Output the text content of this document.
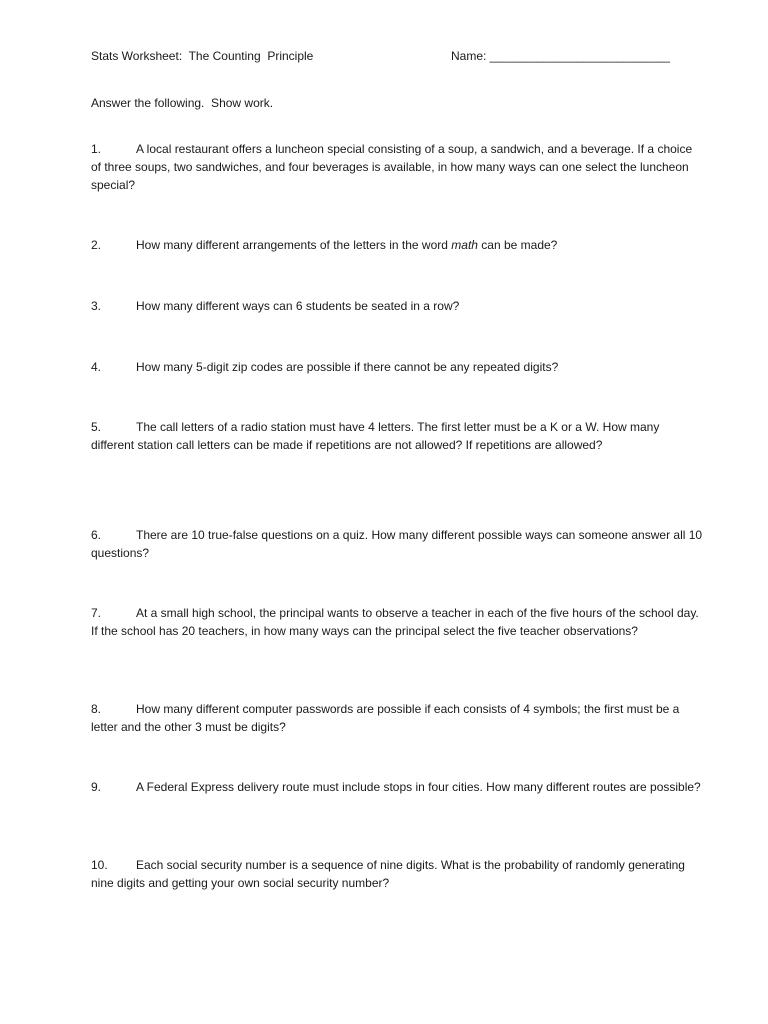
Stats Worksheet:  The Counting  Principle	Name: ___________________________
Answer the following.  Show work.
1.	A local restaurant offers a luncheon special consisting of a soup, a sandwich, and a beverage. If a choice of three soups, two sandwiches, and four beverages is available, in how many ways can one select the luncheon special?
2.	How many different arrangements of the letters in the word math can be made?
3.	How many different ways can 6 students be seated in a row?
4.	How many 5-digit zip codes are possible if there cannot be any repeated digits?
5.	The call letters of a radio station must have 4 letters. The first letter must be a K or a W. How many different station call letters can be made if repetitions are not allowed? If repetitions are allowed?
6.	There are 10 true-false questions on a quiz. How many different possible ways can someone answer all 10 questions?
7.	At a small high school, the principal wants to observe a teacher in each of the five hours of the school day. If the school has 20 teachers, in how many ways can the principal select the five teacher observations?
8.	How many different computer passwords are possible if each consists of 4 symbols; the first must be a letter and the other 3 must be digits?
9.	A Federal Express delivery route must include stops in four cities. How many different routes are possible?
10. Each social security number is a sequence of nine digits. What is the probability of randomly generating nine digits and getting your own social security number?
